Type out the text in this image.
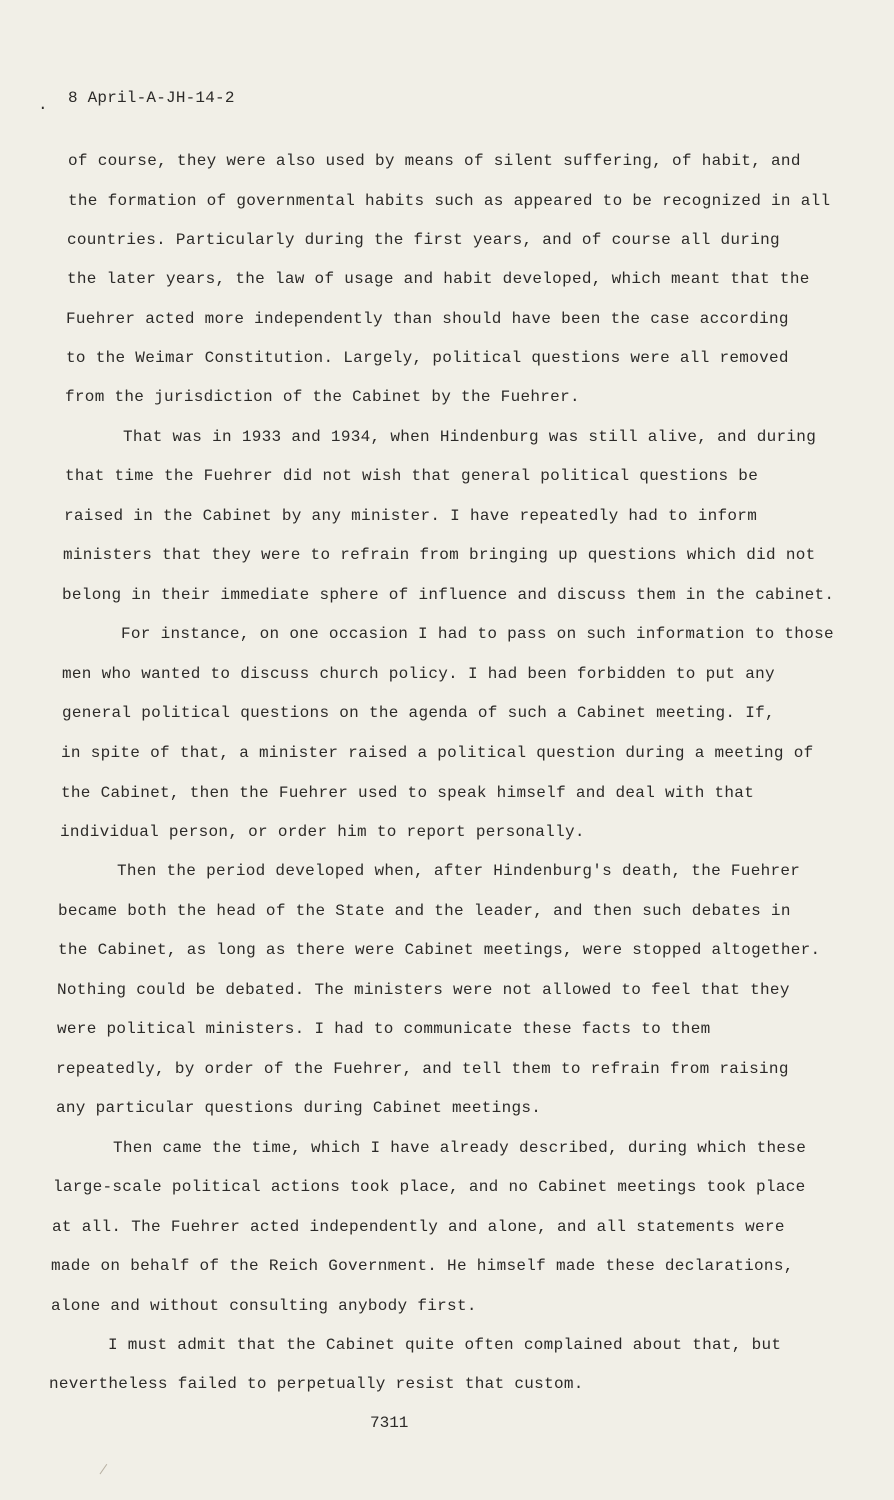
. 8 April-A-JH-14-2
of course, they were also used by means of silent suffering, of habit, and
the formation of governmental habits such as appeared to be recognized in all
countries. Particularly during the first years, and of course all during
the later years, the law of usage and habit developed, which meant that the
Fuehrer acted more independently than should have been the case according
to the Weimar Constitution. Largely, political questions were all removed
from the jurisdiction of the Cabinet by the Fuehrer.
That was in 1933 and 1934, when Hindenburg was still alive, and during
that time the Fuehrer did not wish that general political questions be
raised in the Cabinet by any minister. I have repeatedly had to inform
ministers that they were to refrain from bringing up questions which did not
belong in their immediate sphere of influence and discuss them in the cabinet.
For instance, on one occasion I had to pass on such information to those
men who wanted to discuss church policy. I had been forbidden to put any
general political questions on the agenda of such a Cabinet meeting. If,
in spite of that, a minister raised a political question during a meeting of
the Cabinet, then the Fuehrer used to speak himself and deal with that
individual person, or order him to report personally.
Then the period developed when, after Hindenburg's death, the Fuehrer
became both the head of the State and the leader, and then such debates in
the Cabinet, as long as there were Cabinet meetings, were stopped altogether.
Nothing could be debated. The ministers were not allowed to feel that they
were political ministers. I had to communicate these facts to them
repeatedly, by order of the Fuehrer, and tell them to refrain from raising
any particular questions during Cabinet meetings.
Then came the time, which I have already described, during which these
large-scale political actions took place, and no Cabinet meetings took place
at all. The Fuehrer acted independently and alone, and all statements were
made on behalf of the Reich Government. He himself made these declarations,
alone and without consulting anybody first.
I must admit that the Cabinet quite often complained about that, but
nevertheless failed to perpetually resist that custom.
7311
